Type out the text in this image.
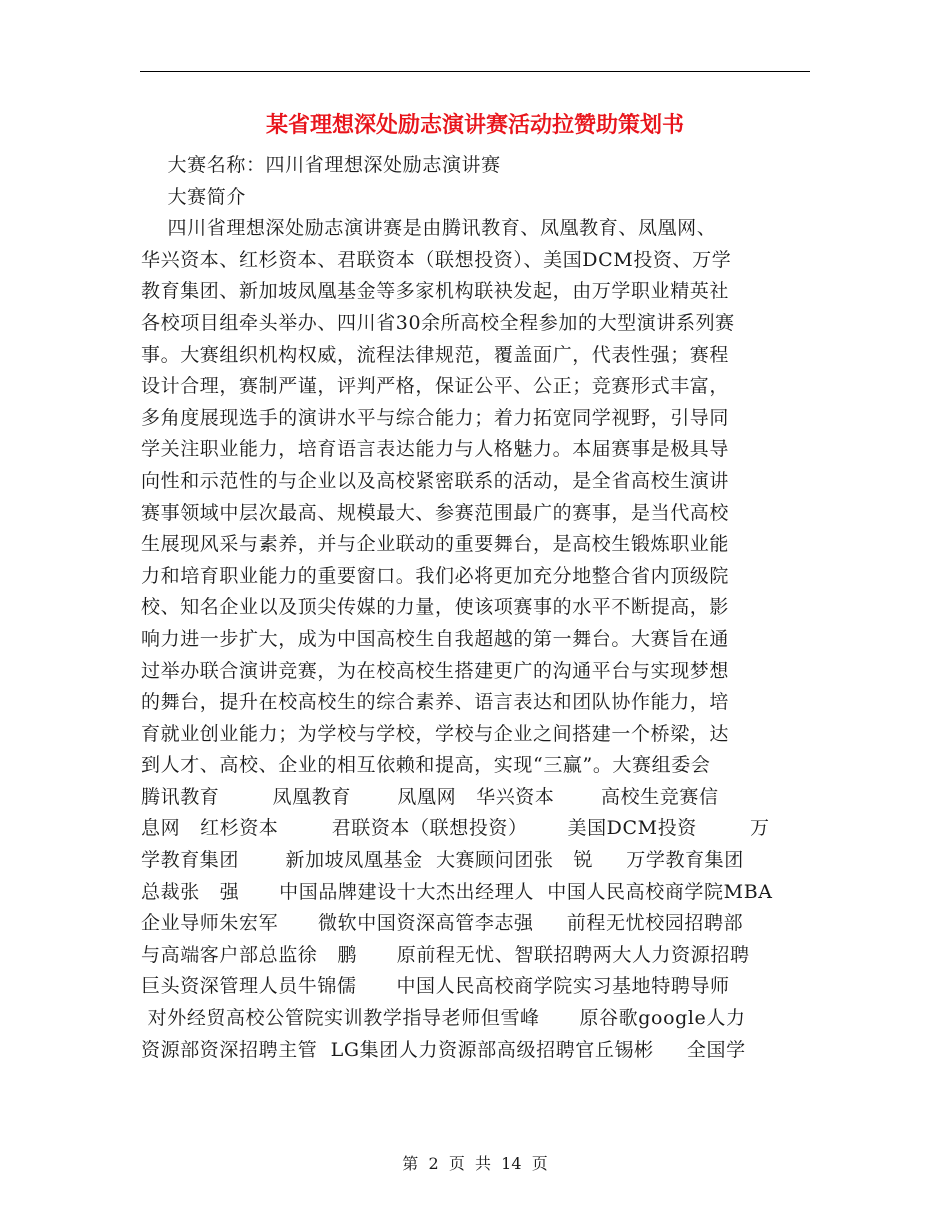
某省理想深处励志演讲赛活动拉赞助策划书
大赛名称：四川省理想深处励志演讲赛
大赛简介
四川省理想深处励志演讲赛是由腾讯教育、凤凰教育、凤凰网、
华兴资本、红杉资本、君联资本（联想投资）、美国DCM投资、万学
教育集团、新加坡凤凰基金等多家机构联袂发起，由万学职业精英社
各校项目组牵头举办、四川省30余所高校全程参加的大型演讲系列赛
事。大赛组织机构权威，流程法律规范，覆盖面广，代表性强；赛程
设计合理，赛制严谨，评判严格，保证公平、公正；竞赛形式丰富，
多角度展现选手的演讲水平与综合能力；着力拓宽同学视野，引导同
学关注职业能力，培育语言表达能力与人格魅力。本届赛事是极具导
向性和示范性的与企业以及高校紧密联系的活动，是全省高校生演讲
赛事领域中层次最高、规模最大、参赛范围最广的赛事，是当代高校
生展现风采与素养，并与企业联动的重要舞台，是高校生锻炼职业能
力和培育职业能力的重要窗口。我们必将更加充分地整合省内顶级院
校、知名企业以及顶尖传媒的力量，使该项赛事的水平不断提高，影
响力进一步扩大，成为中国高校生自我超越的第一舞台。大赛旨在通
过举办联合演讲竞赛，为在校高校生搭建更广的沟通平台与实现梦想
的舞台，提升在校高校生的综合素养、语言表达和团队协作能力，培
育就业创业能力；为学校与学校，学校与企业之间搭建一个桥梁，达
到人才、高校、企业的相互依赖和提高，实现“三赢”。大赛组委会
腾讯教育        凤凰教育       凤凰网   华兴资本       高校生竞赛信
息网   红杉资本        君联资本（联想投资）      美国DCM投资        万
学教育集团       新加坡凤凰基金  大赛顾问团张   锐     万学教育集团
总裁张   强      中国品牌建设十大杰出经理人  中国人民高校商学院MBA
企业导师朱宏军      微软中国资深高管李志强     前程无忧校园招聘部
与高端客户部总监徐   鹏      原前程无忧、智联招聘两大人力资源招聘
巨头资深管理人员牛锦儒      中国人民高校商学院实习基地特聘导师
对外经贸高校公管院实训教学指导老师但雪峰      原谷歌google人力
资源部资深招聘主管  LG集团人力资源部高级招聘官丘锡彬     全国学
第  2  页  共  14  页
